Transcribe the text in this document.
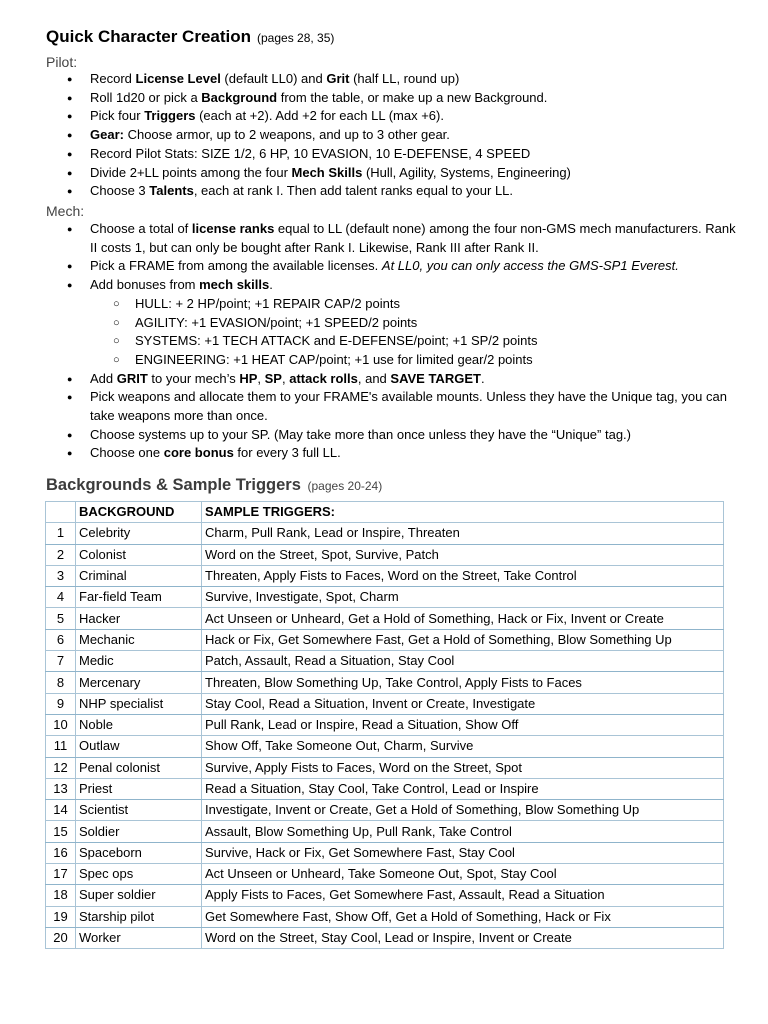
Quick Character Creation (pages 28, 35)
Pilot:
● Record License Level (default LL0) and Grit (half LL, round up)
● Roll 1d20 or pick a Background from the table, or make up a new Background.
● Pick four Triggers (each at +2). Add +2 for each LL (max +6).
● Gear: Choose armor, up to 2 weapons, and up to 3 other gear.
● Record Pilot Stats: SIZE 1/2, 6 HP, 10 EVASION, 10 E-DEFENSE, 4 SPEED
● Divide 2+LL points among the four Mech Skills (Hull, Agility, Systems, Engineering)
● Choose 3 Talents, each at rank I. Then add talent ranks equal to your LL.
Mech:
● Choose a total of license ranks equal to LL (default none) among the four non-GMS mech manufacturers. Rank II costs 1, but can only be bought after Rank I. Likewise, Rank III after Rank II.
● Pick a FRAME from among the available licenses. At LL0, you can only access the GMS-SP1 Everest.
● Add bonuses from mech skills.
○ HULL: + 2 HP/point; +1 REPAIR CAP/2 points
○ AGILITY: +1 EVASION/point; +1 SPEED/2 points
○ SYSTEMS: +1 TECH ATTACK and E-DEFENSE/point; +1 SP/2 points
○ ENGINEERING: +1 HEAT CAP/point; +1 use for limited gear/2 points
● Add GRIT to your mech’s HP, SP, attack rolls, and SAVE TARGET.
● Pick weapons and allocate them to your FRAME's available mounts. Unless they have the Unique tag, you can take weapons more than once.
● Choose systems up to your SP. (May take more than once unless they have the “Unique” tag.)
● Choose one core bonus for every 3 full LL.
Backgrounds & Sample Triggers (pages 20-24)
	BACKGROUND	SAMPLE TRIGGERS:
1	Celebrity	Charm, Pull Rank, Lead or Inspire, Threaten
2	Colonist	Word on the Street, Spot, Survive, Patch
3	Criminal	Threaten, Apply Fists to Faces, Word on the Street, Take Control
4	Far-field Team	Survive, Investigate, Spot, Charm
5	Hacker	Act Unseen or Unheard, Get a Hold of Something, Hack or Fix, Invent or Create
6	Mechanic	Hack or Fix, Get Somewhere Fast, Get a Hold of Something, Blow Something Up
7	Medic	Patch, Assault, Read a Situation, Stay Cool
8	Mercenary	Threaten, Blow Something Up, Take Control, Apply Fists to Faces
9	NHP specialist	Stay Cool, Read a Situation, Invent or Create, Investigate
10	Noble	Pull Rank, Lead or Inspire, Read a Situation, Show Off
11	Outlaw	Show Off, Take Someone Out, Charm, Survive
12	Penal colonist	Survive, Apply Fists to Faces, Word on the Street, Spot
13	Priest	Read a Situation, Stay Cool, Take Control, Lead or Inspire
14	Scientist	Investigate, Invent or Create, Get a Hold of Something, Blow Something Up
15	Soldier	Assault, Blow Something Up, Pull Rank, Take Control
16	Spaceborn	Survive, Hack or Fix, Get Somewhere Fast, Stay Cool
17	Spec ops	Act Unseen or Unheard, Take Someone Out, Spot, Stay Cool
18	Super soldier	Apply Fists to Faces, Get Somewhere Fast, Assault, Read a Situation
19	Starship pilot	Get Somewhere Fast, Show Off, Get a Hold of Something, Hack or Fix
20	Worker	Word on the Street, Stay Cool, Lead or Inspire, Invent or Create
